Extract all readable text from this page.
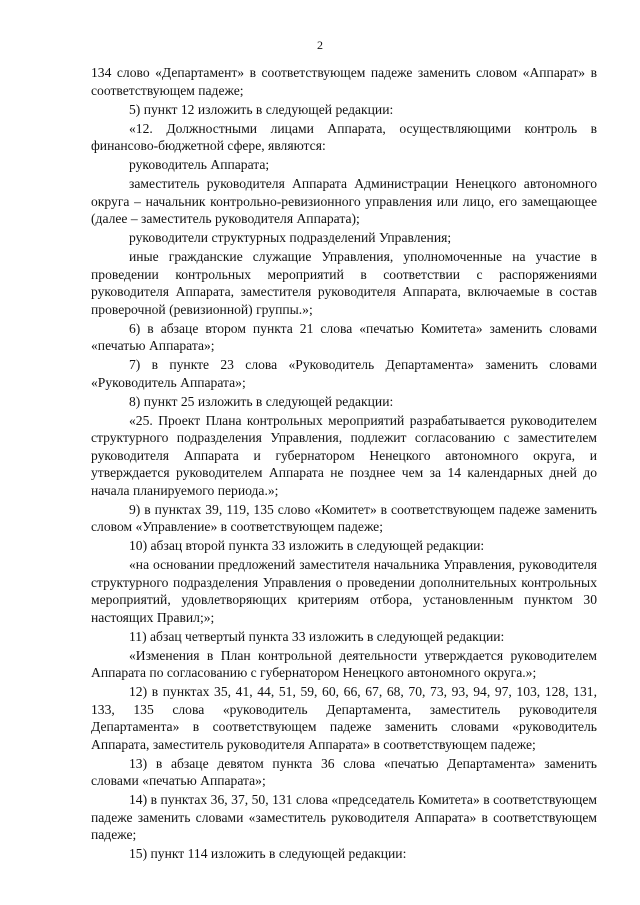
2

134 слово «Департамент» в соответствующем падеже заменить словом «Аппарат» в соответствующем падеже;

5) пункт 12 изложить в следующей редакции:

«12. Должностными лицами Аппарата, осуществляющими контроль в финансово-бюджетной сфере, являются:

руководитель Аппарата;

заместитель руководителя Аппарата Администрации Ненецкого автономного округа – начальник контрольно-ревизионного управления или лицо, его замещающее (далее – заместитель руководителя Аппарата);

руководители структурных подразделений Управления;

иные гражданские служащие Управления, уполномоченные на участие в проведении контрольных мероприятий в соответствии с распоряжениями руководителя Аппарата, заместителя руководителя Аппарата, включаемые в состав проверочной (ревизионной) группы.»;

6) в абзаце втором пункта 21 слова «печатью Комитета» заменить словами «печатью Аппарата»;

7) в пункте 23 слова «Руководитель Департамента» заменить словами «Руководитель Аппарата»;

8) пункт 25 изложить в следующей редакции:

«25. Проект Плана контрольных мероприятий разрабатывается руководителем структурного подразделения Управления, подлежит согласованию с заместителем руководителя Аппарата и губернатором Ненецкого автономного округа, и утверждается руководителем Аппарата не позднее чем за 14 календарных дней до начала планируемого периода.»;

9) в пунктах 39, 119, 135 слово «Комитет» в соответствующем падеже заменить словом «Управление» в соответствующем падеже;

10) абзац второй пункта 33 изложить в следующей редакции:

«на основании предложений заместителя начальника Управления, руководителя структурного подразделения Управления о проведении дополнительных контрольных мероприятий, удовлетворяющих критериям отбора, установленным пунктом 30 настоящих Правил;»;

11) абзац четвертый пункта 33 изложить в следующей редакции:

«Изменения в План контрольной деятельности утверждается руководителем Аппарата по согласованию с губернатором Ненецкого автономного округа.»;

12) в пунктах 35, 41, 44, 51, 59, 60, 66, 67, 68, 70, 73, 93, 94, 97, 103, 128, 131, 133, 135 слова «руководитель Департамента, заместитель руководителя Департамента» в соответствующем падеже заменить словами «руководитель Аппарата, заместитель руководителя Аппарата» в соответствующем падеже;

13) в абзаце девятом пункта 36 слова «печатью Департамента» заменить словами «печатью Аппарата»;

14) в пунктах 36, 37, 50, 131 слова «председатель Комитета» в соответствующем падеже заменить словами «заместитель руководителя Аппарата» в соответствующем падеже;

15) пункт 114 изложить в следующей редакции:
